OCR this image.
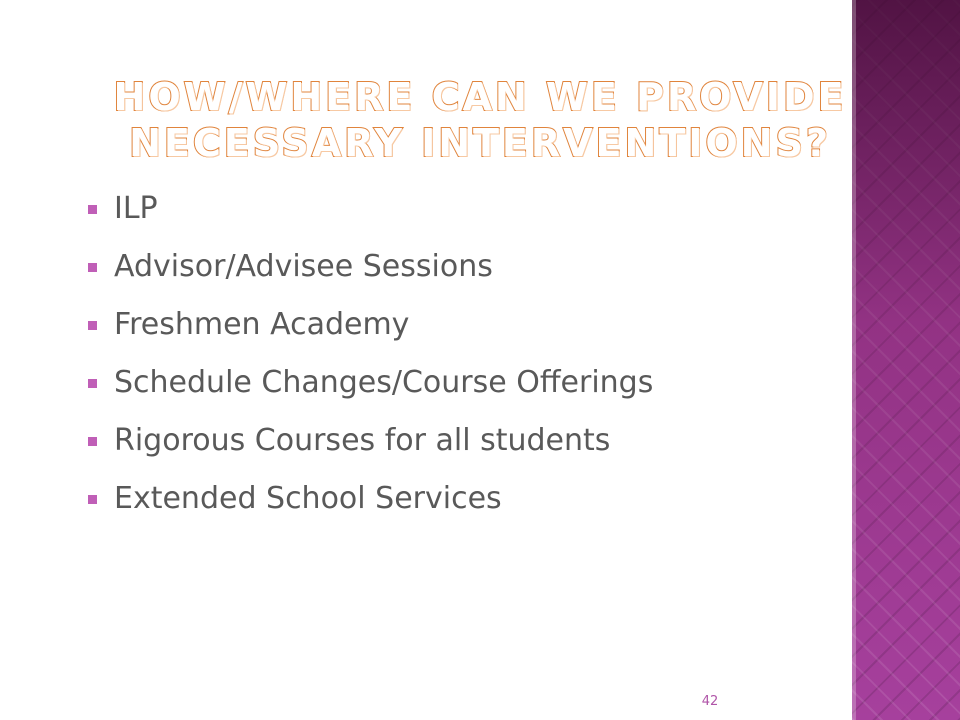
HOW/WHERE CAN WE PROVIDE
NECESSARY INTERVENTIONS?
ILP
Advisor/Advisee Sessions
Freshmen Academy
Schedule Changes/Course Offerings
Rigorous Courses for all students
Extended School Services
42
